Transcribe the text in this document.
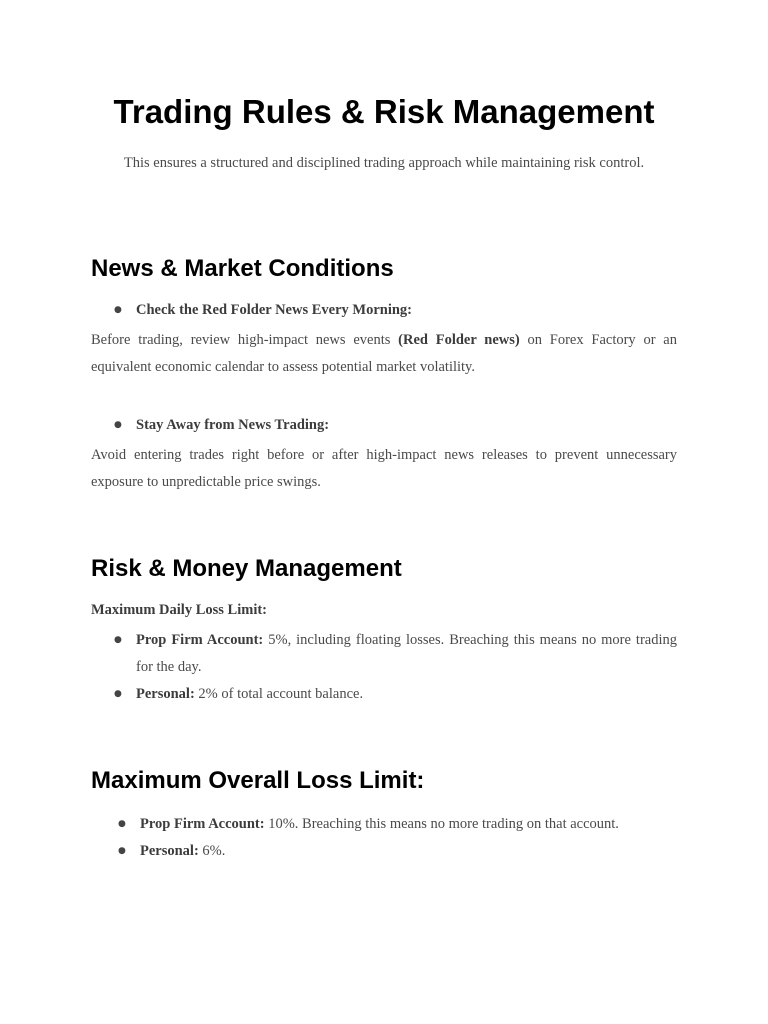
Trading Rules & Risk Management

This ensures a structured and disciplined trading approach while maintaining risk control.

News & Market Conditions
● Check the Red Folder News Every Morning:

Before trading, review high-impact news events (Red Folder news) on Forex Factory or an equivalent economic calendar to assess potential market volatility.

● Stay Away from News Trading:

Avoid entering trades right before or after high-impact news releases to prevent unnecessary exposure to unpredictable price swings.

Risk & Money Management

Maximum Daily Loss Limit:

● Prop Firm Account: 5%, including floating losses. Breaching this means no more trading for the day.
● Personal: 2% of total account balance.
Maximum Overall Loss Limit:
● Prop Firm Account: 10%. Breaching this means no more trading on that account.
● Personal: 6%.
